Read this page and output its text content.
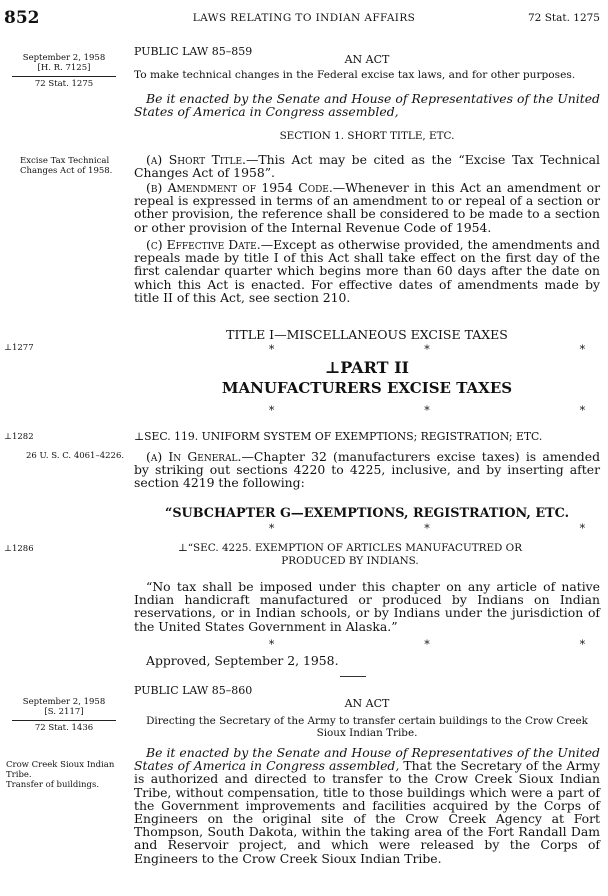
852	LAWS RELATING TO INDIAN AFFAIRS	72 Stat. 1275
September 2, 1958
[H. R. 7125]
72 Stat. 1275
Excise Tax Technical Changes Act of 1958.
⊥1277
⊥1282
26 U. S. C. 4061–4226.
⊥1286
September 2, 1958
[S. 2117]
72 Stat. 1436
Crow Creek Sioux Indian Tribe.
Transfer of buildings.
PUBLIC LAW 85–859
AN ACT
To make technical changes in the Federal excise tax laws, and for other purposes.

Be it enacted by the Senate and House of Representatives of the United States of America in Congress assembled,

SECTION 1. SHORT TITLE, ETC.

(a) Short Title.—This Act may be cited as the “Excise Tax Technical Changes Act of 1958”.

(b) Amendment of 1954 Code.—Whenever in this Act an amendment or repeal is expressed in terms of an amendment to or repeal of a section or other provision, the reference shall be considered to be made to a section or other provision of the Internal Revenue Code of 1954.

(c) Effective Date.—Except as otherwise provided, the amendments and repeals made by title I of this Act shall take effect on the first day of the first calendar quarter which begins more than 60 days after the date on which this Act is enacted. For effective dates of amendments made by title II of this Act, see section 210.

TITLE I—MISCELLANEOUS EXCISE TAXES
*	*	*
⊥PART II
MANUFACTURERS EXCISE TAXES
*	*	*
⊥SEC. 119. UNIFORM SYSTEM OF EXEMPTIONS; REGISTRATION; ETC.

(a) In General.—Chapter 32 (manufacturers excise taxes) is amended by striking out sections 4220 to 4225, inclusive, and by inserting after section 4219 the following:

“SUBCHAPTER G—EXEMPTIONS, REGISTRATION, ETC.
*	*	*
⊥“SEC. 4225. EXEMPTION OF ARTICLES MANUFACUTRED OR PRODUCED BY INDIANS.

“No tax shall be imposed under this chapter on any article of native Indian handicraft manufactured or produced by Indians on Indian reservations, or in Indian schools, or by Indians under the jurisdiction of the United States Government in Alaska.”

*	*	*
Approved, September 2, 1958.
PUBLIC LAW 85–860
AN ACT
Directing the Secretary of the Army to transfer certain buildings to the Crow Creek Sioux Indian Tribe.

Be it enacted by the Senate and House of Representatives of the United States of America in Congress assembled, That the Secretary of the Army is authorized and directed to transfer to the Crow Creek Sioux Indian Tribe, without compensation, title to those buildings which were a part of the Government improvements and facilities acquired by the Corps of Engineers on the original site of the Crow Creek Agency at Fort Thompson, South Dakota, within the taking area of the Fort Randall Dam and Reservoir project, and which were released by the Corps of Engineers to the Crow Creek Sioux Indian Tribe.
